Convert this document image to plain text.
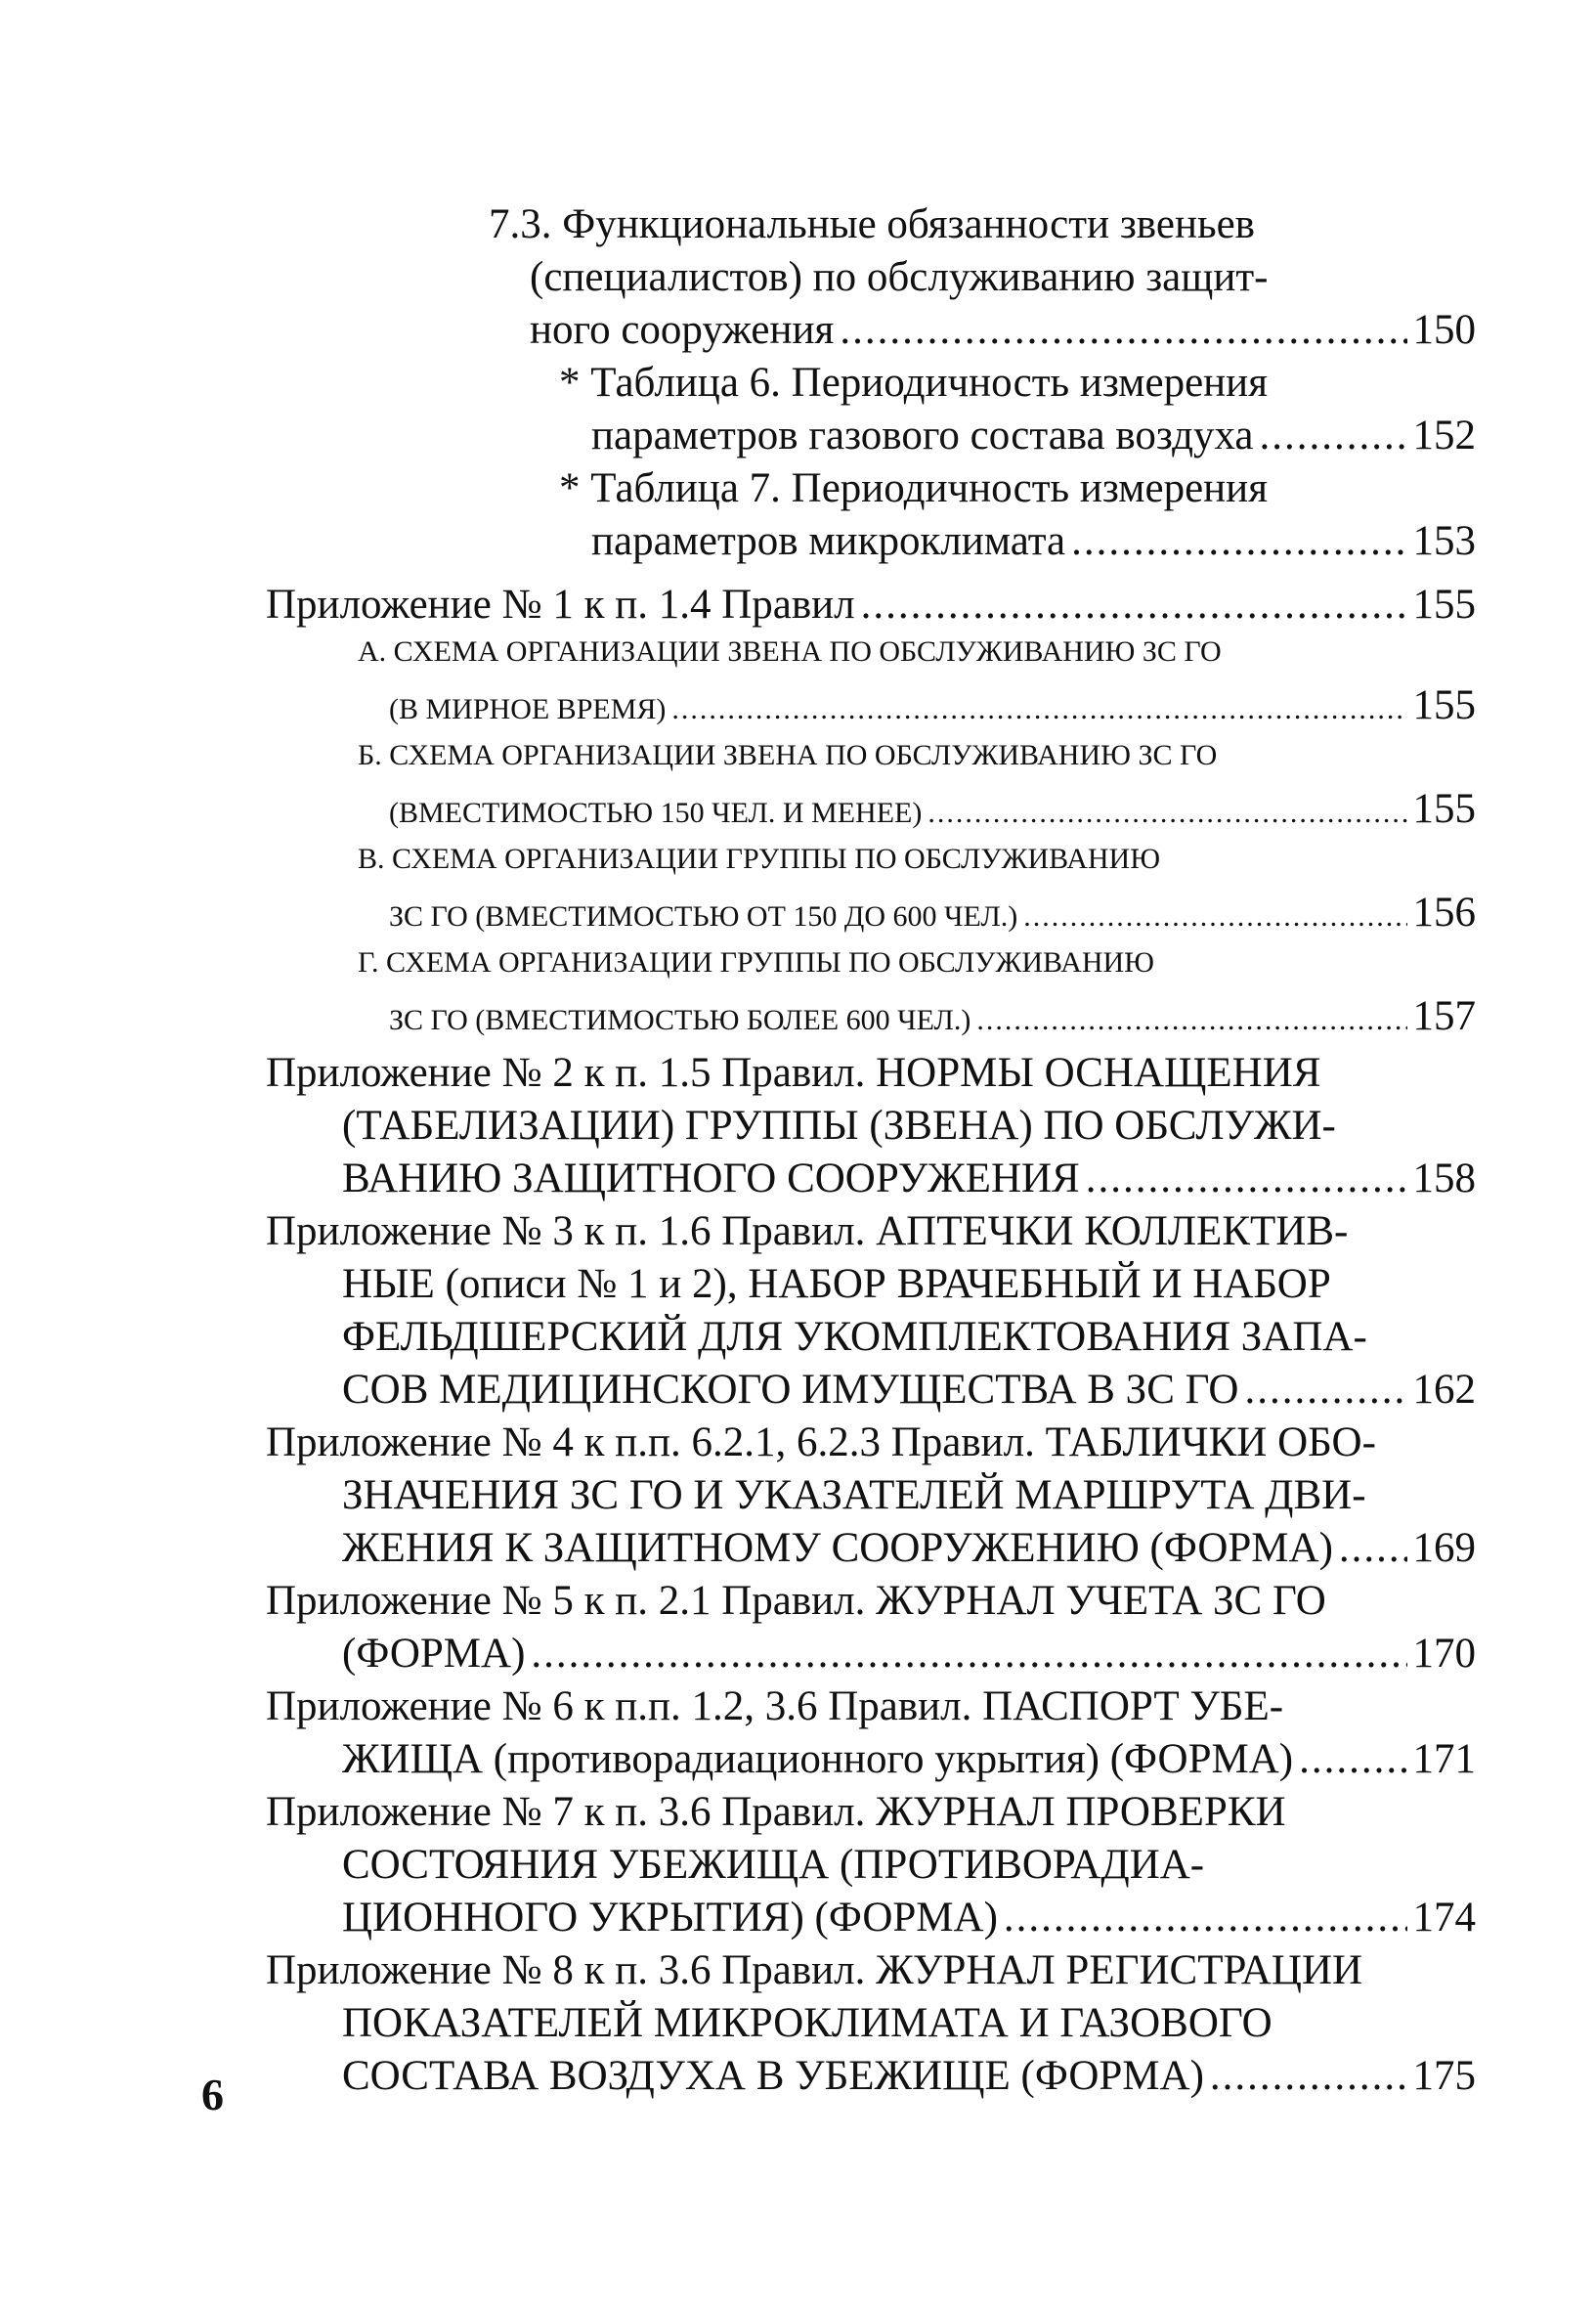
7.3. Функциональные обязанности звеньев
(специалистов) по обслуживанию защит-
ного сооружения .....	150
* Таблица 6. Периодичность измерения
параметров газового состава воздуха .....	152
* Таблица 7. Периодичность измерения
параметров микроклимата .....	153
Приложение № 1 к п. 1.4 Правил .....	155
А. СХЕМА ОРГАНИЗАЦИИ ЗВЕНА ПО ОБСЛУЖИВАНИЮ ЗС ГО
(В МИРНОЕ ВРЕМЯ) .....	155
Б. СХЕМА ОРГАНИЗАЦИИ ЗВЕНА ПО ОБСЛУЖИВАНИЮ ЗС ГО
(ВМЕСТИМОСТЬЮ 150 ЧЕЛ. И МЕНЕЕ) .....	155
В. СХЕМА ОРГАНИЗАЦИИ ГРУППЫ ПО ОБСЛУЖИВАНИЮ
ЗС ГО (ВМЕСТИМОСТЬЮ ОТ 150 ДО 600 ЧЕЛ.) .....	156
Г. СХЕМА ОРГАНИЗАЦИИ ГРУППЫ ПО ОБСЛУЖИВАНИЮ
ЗС ГО (ВМЕСТИМОСТЬЮ БОЛЕЕ 600 ЧЕЛ.) .....	157
Приложение № 2 к п. 1.5 Правил. НОРМЫ ОСНАЩЕНИЯ
(ТАБЕЛИЗАЦИИ) ГРУППЫ (ЗВЕНА) ПО ОБСЛУЖИ-
ВАНИЮ ЗАЩИТНОГО СООРУЖЕНИЯ .....	158
Приложение № 3 к п. 1.6 Правил. АПТЕЧКИ КОЛЛЕКТИВ-
НЫЕ (описи № 1 и 2), НАБОР ВРАЧЕБНЫЙ И НАБОР
ФЕЛЬДШЕРСКИЙ ДЛЯ УКОМПЛЕКТОВАНИЯ ЗАПА-
СОВ МЕДИЦИНСКОГО ИМУЩЕСТВА В ЗС ГО .....	162
Приложение № 4 к п.п. 6.2.1, 6.2.3 Правил. ТАБЛИЧКИ ОБО-
ЗНАЧЕНИЯ ЗС ГО И УКАЗАТЕЛЕЙ МАРШРУТА ДВИ-
ЖЕНИЯ К ЗАЩИТНОМУ СООРУЖЕНИЮ (ФОРМА) ..... 169
Приложение № 5 к п. 2.1 Правил. ЖУРНАЛ УЧЕТА ЗС ГО
(ФОРМА) .....	170
Приложение № 6 к п.п. 1.2, 3.6 Правил. ПАСПОРТ УБЕ-
ЖИЩА (противорадиационного укрытия) (ФОРМА) .....	171
Приложение № 7 к п. 3.6 Правил. ЖУРНАЛ ПРОВЕРКИ
СОСТОЯНИЯ УБЕЖИЩА (ПРОТИВОРАДИА-
ЦИОННОГО УКРЫТИЯ) (ФОРМА) .....	174
Приложение № 8 к п. 3.6 Правил. ЖУРНАЛ РЕГИСТРАЦИИ
ПОКАЗАТЕЛЕЙ МИКРОКЛИМАТА И ГАЗОВОГО
СОСТАВА ВОЗДУХА В УБЕЖИЩЕ (ФОРМА) .....	175
6
